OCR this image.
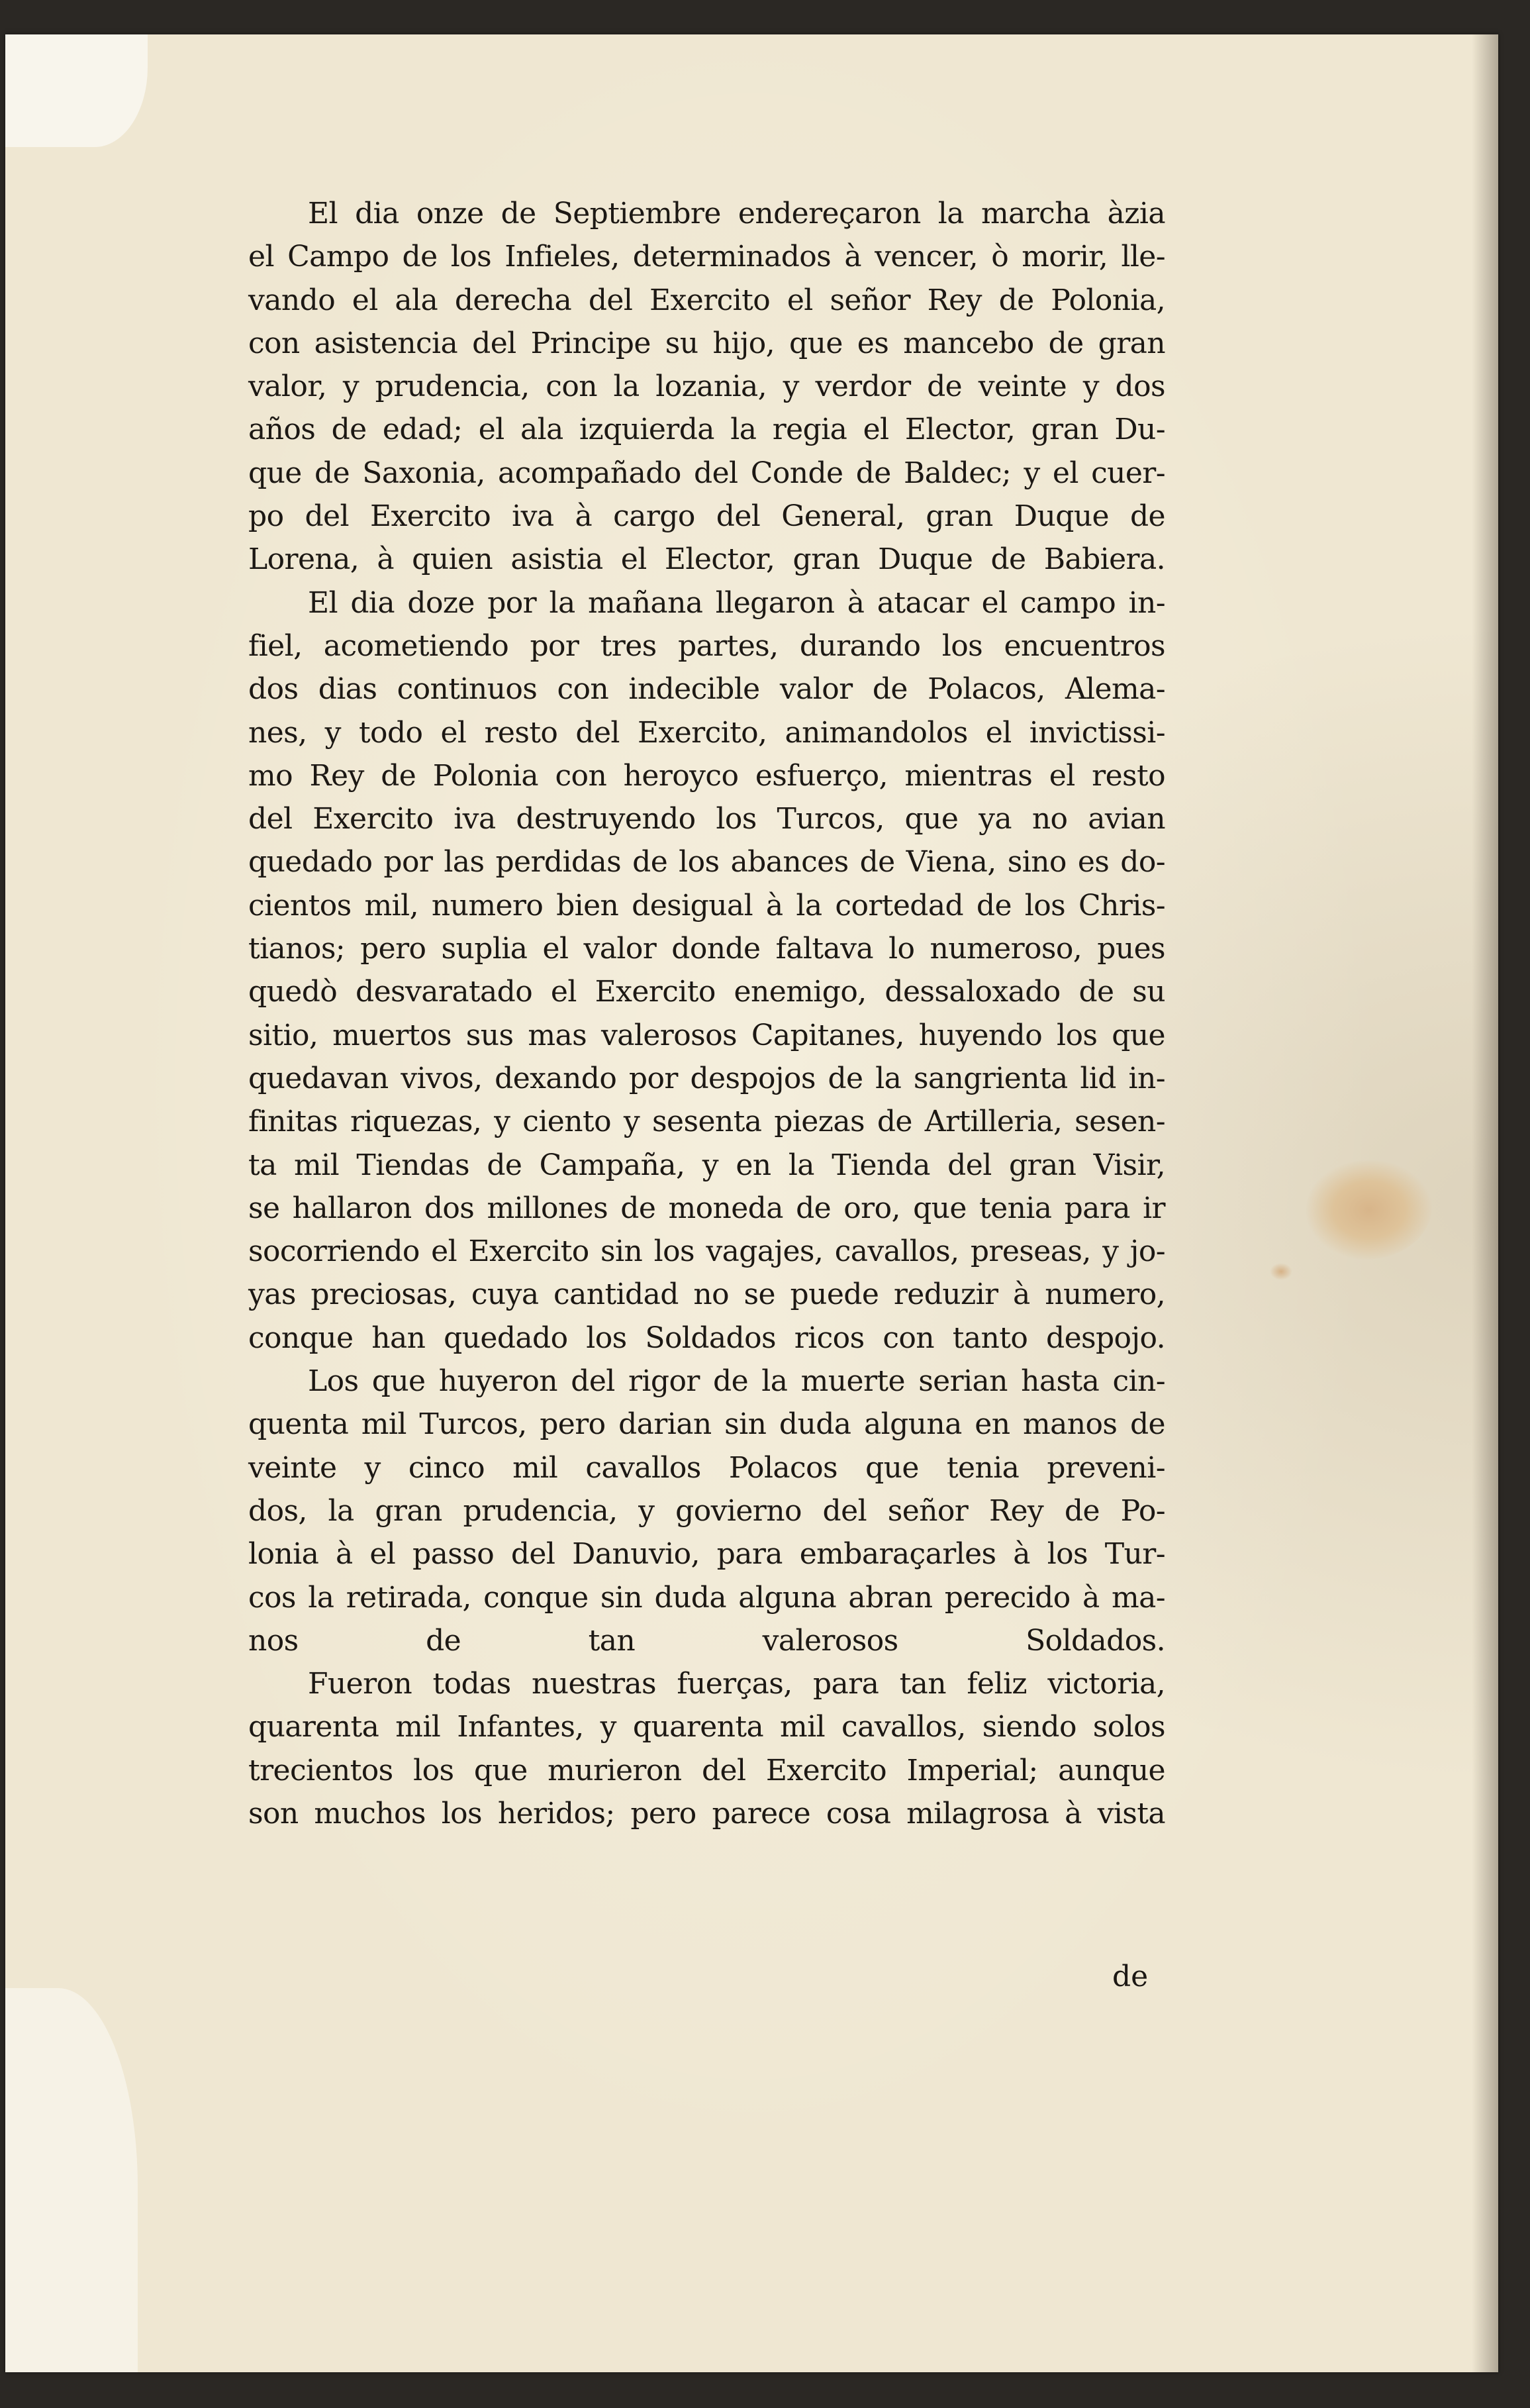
El dia onze de Septiembre endereçaron la marcha àzia
el Campo de los Infieles, determinados à vencer, ò morir, lle-
vando el ala derecha del Exercito el señor Rey de Polonia,
con asistencia del Principe su hijo, que es mancebo de gran
valor, y prudencia, con la lozania, y verdor de veinte y dos
años de edad; el ala izquierda la regia el Elector, gran Du-
que de Saxonia, acompañado del Conde de Baldec; y el cuer-
po del Exercito iva à cargo del General, gran Duque de
Lorena, à quien asistia el Elector, gran Duque de Babiera.
El dia doze por la mañana llegaron à atacar el campo in-
fiel, acometiendo por tres partes, durando los encuentros
dos dias continuos con indecible valor de Polacos, Alema-
nes, y todo el resto del Exercito, animandolos el invictissi-
mo Rey de Polonia con heroyco esfuerço, mientras el resto
del Exercito iva destruyendo los Turcos, que ya no avian
quedado por las perdidas de los abances de Viena, sino es do-
cientos mil, numero bien desigual à la cortedad de los Chris-
tianos; pero suplia el valor donde faltava lo numeroso, pues
quedò desvaratado el Exercito enemigo, dessaloxado de su
sitio, muertos sus mas valerosos Capitanes, huyendo los que
quedavan vivos, dexando por despojos de la sangrienta lid in-
finitas riquezas, y ciento y sesenta piezas de Artilleria, sesen-
ta mil Tiendas de Campaña, y en la Tienda del gran Visir,
se hallaron dos millones de moneda de oro, que tenia para ir
socorriendo el Exercito sin los vagajes, cavallos, preseas, y jo-
yas preciosas, cuya cantidad no se puede reduzir à numero,
conque han quedado los Soldados ricos con tanto despojo.
Los que huyeron del rigor de la muerte serian hasta cin-
quenta mil Turcos, pero darian sin duda alguna en manos de
veinte y cinco mil cavallos Polacos que tenia preveni-
dos, la gran prudencia, y govierno del señor Rey de Po-
lonia à el passo del Danuvio, para embaraçarles à los Tur-
cos la retirada, conque sin duda alguna abran perecido à ma-
nos de tan valerosos Soldados.
Fueron todas nuestras fuerças, para tan feliz victoria,
quarenta mil Infantes, y quarenta mil cavallos, siendo solos
trecientos los que murieron del Exercito Imperial; aunque
son muchos los heridos; pero parece cosa milagrosa à vista
de
